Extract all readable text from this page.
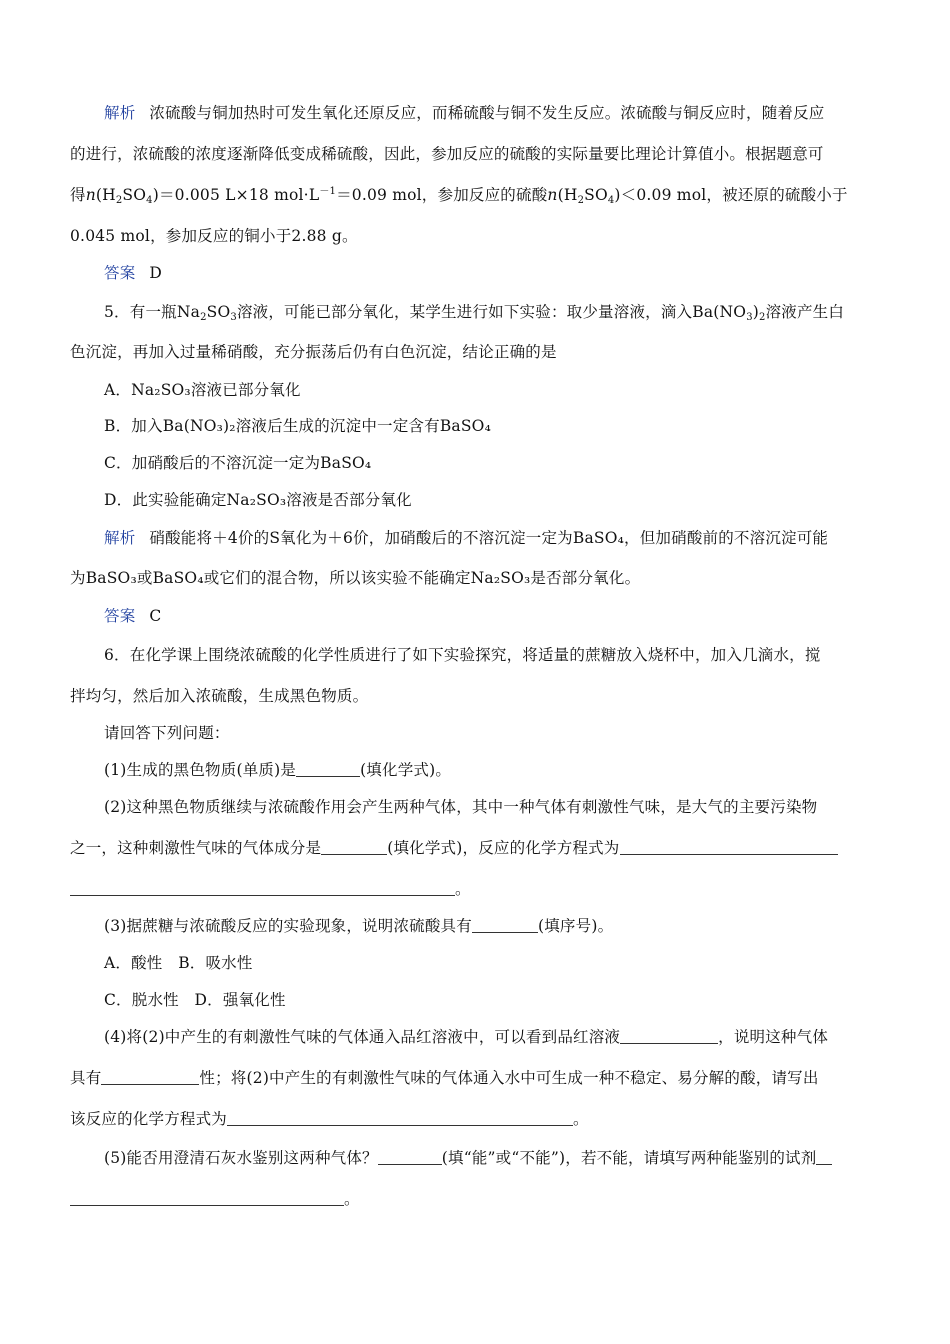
解析 浓硫酸与铜加热时可发生氧化还原反应，而稀硫酸与铜不发生反应。浓硫酸与铜反应时，随着反应
的进行，浓硫酸的浓度逐渐降低变成稀硫酸，因此，参加反应的硫酸的实际量要比理论计算值小。根据题意可
得$n(H_2SO_4)=0.005$ L×18 $mol\cdot L^{-1}=0.09$ mol，参加反应的硫酸$n(H_2SO_4)<0.09$ mol，被还原的硫酸小于
0.045 mol，参加反应的铜小于2.88 g。
答案 D
5．有一瓶$Na_2SO_3$溶液，可能已部分氧化，某学生进行如下实验：取少量溶液，滴入$Ba(NO_3)_2$溶液产生白
色沉淀，再加入过量稀硝酸，充分振荡后仍有白色沉淀，结论正确的是
A．Na₂SO₃溶液已部分氧化
B．加入Ba(NO₃)₂溶液后生成的沉淀中一定含有BaSO₄
C．加硝酸后的不溶沉淀一定为BaSO₄
D．此实验能确定Na₂SO₃溶液是否部分氧化
解析 硝酸能将＋4价的S氧化为＋6价，加硝酸后的不溶沉淀一定为BaSO₄，但加硝酸前的不溶沉淀可能
为BaSO₃或BaSO₄或它们的混合物，所以该实验不能确定Na₂SO₃是否部分氧化。
答案 C
6．在化学课上围绕浓硫酸的化学性质进行了如下实验探究，将适量的蔗糖放入烧杯中，加入几滴水，搅
拌均匀，然后加入浓硫酸，生成黑色物质。
请回答下列问题：
(1)生成的黑色物质(单质)是	(填化学式)。
(2)这种黑色物质继续与浓硫酸作用会产生两种气体，其中一种气体有刺激性气味，是大气的主要污染物
之一，这种刺激性气味的气体成分是	(填化学式)，反应的化学方程式为
。
(3)据蔗糖与浓硫酸反应的实验现象，说明浓硫酸具有	(填序号)。
A．酸性　B．吸水性
C．脱水性　D．强氧化性
(4)将(2)中产生的有刺激性气味的气体通入品红溶液中，可以看到品红溶液	，说明这种气体
具有	性；将(2)中产生的有刺激性气味的气体通入水中可生成一种不稳定、易分解的酸，请写出
该反应的化学方程式为	。
(5)能否用澄清石灰水鉴别这两种气体？	(填“能”或“不能”)，若不能，请填写两种能鉴别的试剂
。
